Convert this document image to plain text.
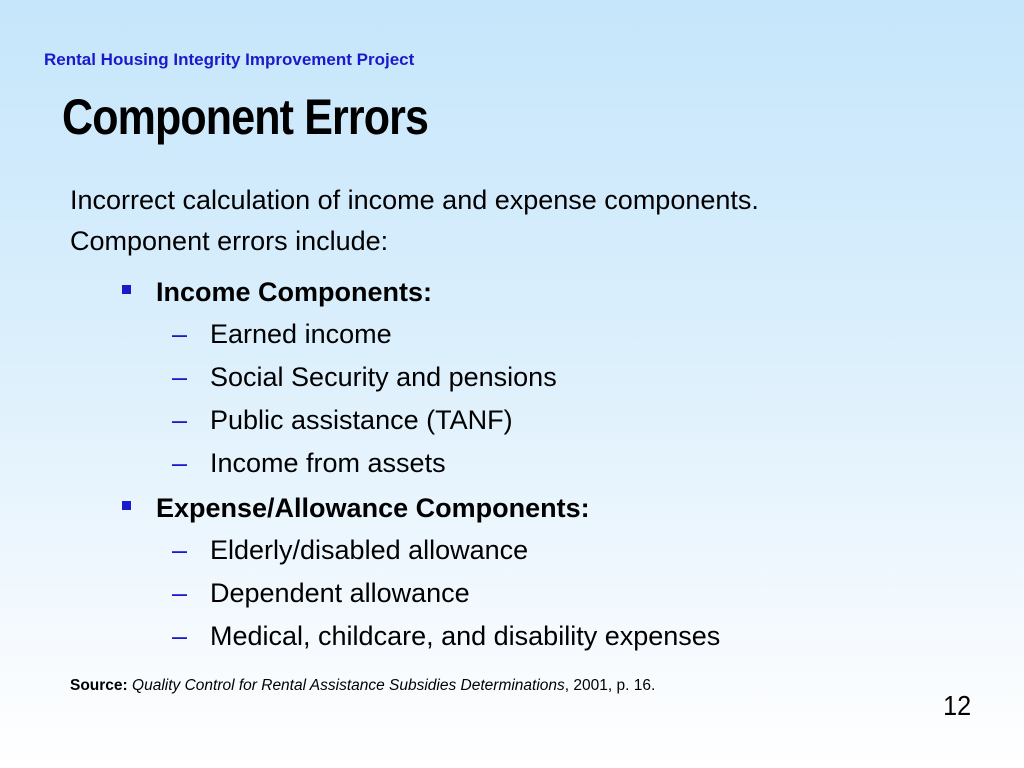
Rental Housing Integrity Improvement Project
Component Errors
Incorrect calculation of income and expense components.
Component errors include:
Income Components:
– Earned income
– Social Security and pensions
– Public assistance (TANF)
– Income from assets
Expense/Allowance Components:
– Elderly/disabled allowance
– Dependent allowance
– Medical, childcare, and disability expenses
Source: Quality Control for Rental Assistance Subsidies Determinations, 2001, p. 16.
12
